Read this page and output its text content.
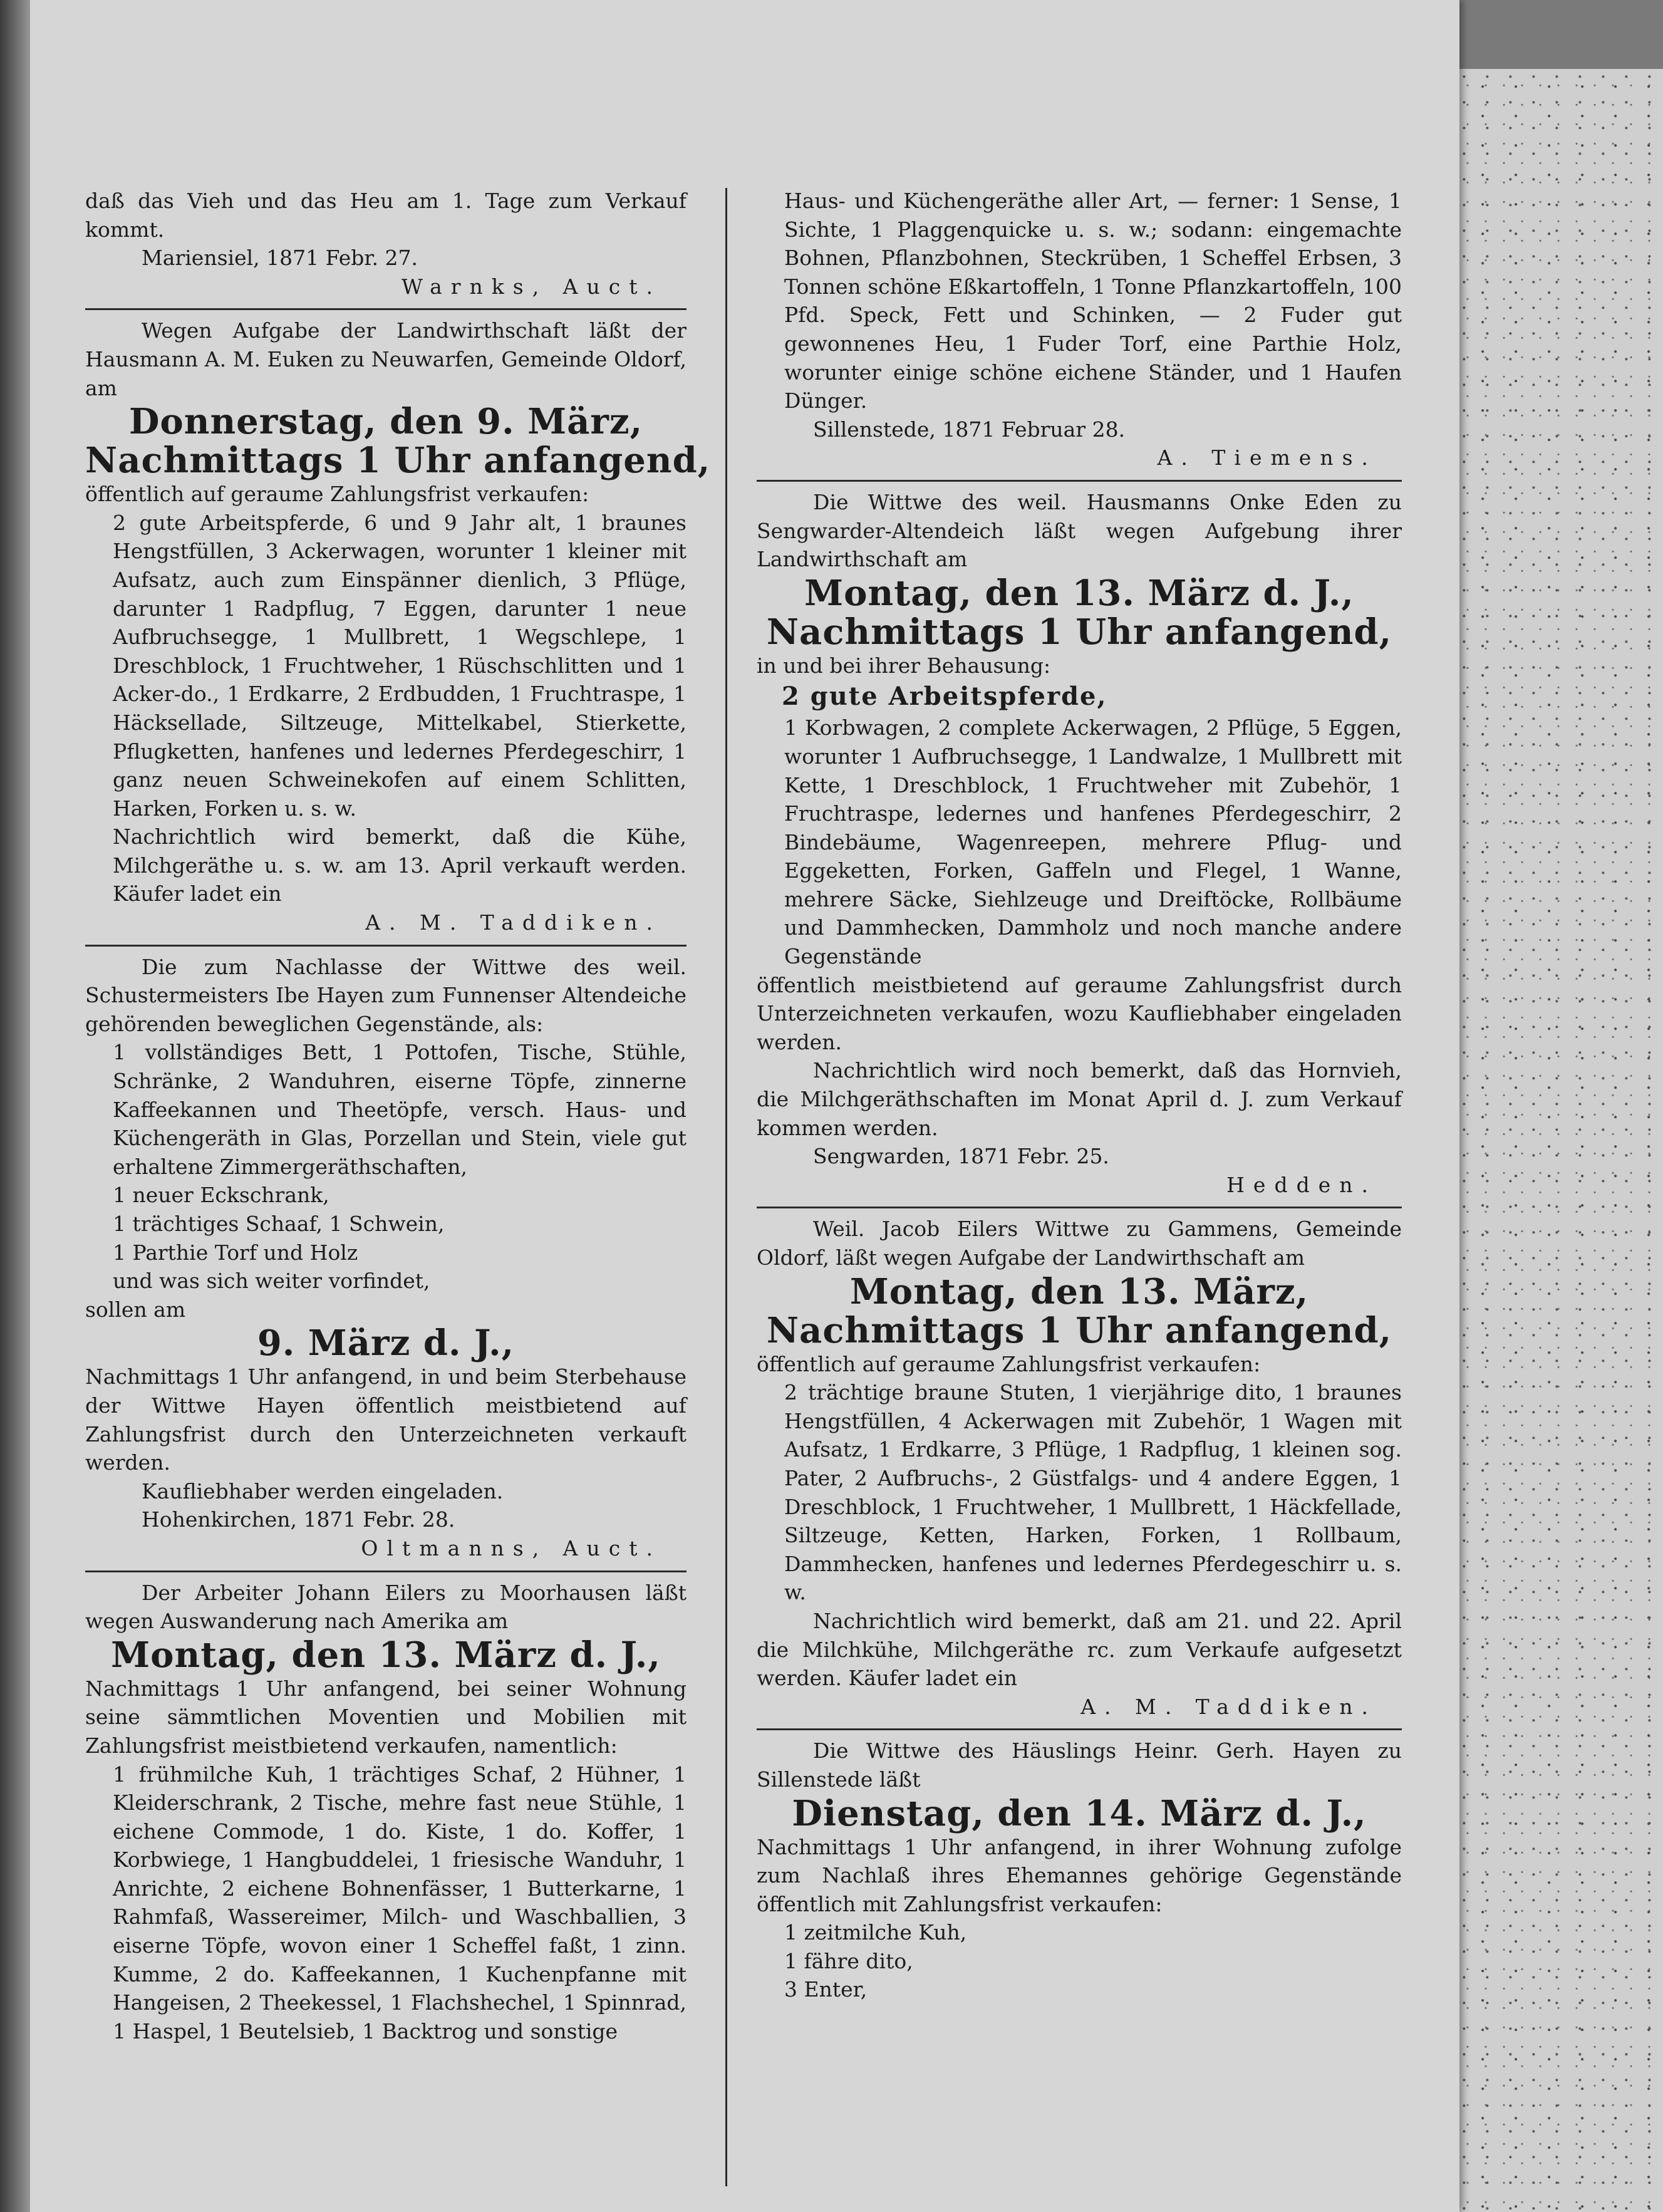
daß das Vieh und das Heu am 1. Tage zum Verkauf kommt.

Mariensiel, 1871 Febr. 27.

Warnks, Auct.

Wegen Aufgabe der Landwirthschaft läßt der Hausmann A. M. Euken zu Neuwarfen, Gemeinde Oldorf, am

Donnerstag, den 9. März,

Nachmittags 1 Uhr anfangend,

öffentlich auf geraume Zahlungsfrist verkaufen:

2 gute Arbeitspferde, 6 und 9 Jahr alt, 1 braunes Hengstfüllen, 3 Ackerwagen, worunter 1 kleiner mit Aufsatz, auch zum Einspänner dienlich, 3 Pflüge, darunter 1 Radpflug, 7 Eggen, darunter 1 neue Aufbruchsegge, 1 Mullbrett, 1 Wegschlepe, 1 Dreschblock, 1 Fruchtweher, 1 Rüschschlitten und 1 Acker-do., 1 Erdkarre, 2 Erdbudden, 1 Fruchtraspe, 1 Häcksellade, Siltzeuge, Mittelkabel, Stierkette, Pflugketten, hanfenes und ledernes Pferdegeschirr, 1 ganz neuen Schweinekofen auf einem Schlitten, Harken, Forken u. s. w.

Nachrichtlich wird bemerkt, daß die Kühe, Milchgeräthe u. s. w. am 13. April verkauft werden. Käufer ladet ein

A. M. Taddiken.

Die zum Nachlasse der Wittwe des weil. Schustermeisters Ibe Hayen zum Funnenser Altendeiche gehörenden beweglichen Gegenstände, als:

1 vollständiges Bett, 1 Pottofen, Tische, Stühle, Schränke, 2 Wanduhren, eiserne Töpfe, zinnerne Kaffeekannen und Theetöpfe, versch. Haus- und Küchengeräth in Glas, Porzellan und Stein, viele gut erhaltene Zimmergeräthschaften,

1 neuer Eckschrank,

1 trächtiges Schaaf, 1 Schwein,

1 Parthie Torf und Holz

und was sich weiter vorfindet,

sollen am

9. März d. J.,

Nachmittags 1 Uhr anfangend, in und beim Sterbehause der Wittwe Hayen öffentlich meistbietend auf Zahlungsfrist durch den Unterzeichneten verkauft werden.

Kaufliebhaber werden eingeladen.

Hohenkirchen, 1871 Febr. 28.

Oltmanns, Auct.

Der Arbeiter Johann Eilers zu Moorhausen läßt wegen Auswanderung nach Amerika am

Montag, den 13. März d. J.,

Nachmittags 1 Uhr anfangend, bei seiner Wohnung seine sämmtlichen Moventien und Mobilien mit Zahlungsfrist meistbietend verkaufen, namentlich:

1 frühmilche Kuh, 1 trächtiges Schaf, 2 Hühner, 1 Kleiderschrank, 2 Tische, mehre fast neue Stühle, 1 eichene Commode, 1 do. Kiste, 1 do. Koffer, 1 Korbwiege, 1 Hangbuddelei, 1 friesische Wanduhr, 1 Anrichte, 2 eichene Bohnenfässer, 1 Butterkarne, 1 Rahmfaß, Wassereimer, Milch- und Waschballien, 3 eiserne Töpfe, wovon einer 1 Scheffel faßt, 1 zinn. Kumme, 2 do. Kaffeekannen, 1 Kuchenpfanne mit Hangeisen, 2 Theekessel, 1 Flachshechel, 1 Spinnrad, 1 Haspel, 1 Beutelsieb, 1 Backtrog und sonstige

Haus- und Küchengeräthe aller Art, — ferner: 1 Sense, 1 Sichte, 1 Plaggenquicke u. s. w.; sodann: eingemachte Bohnen, Pflanzbohnen, Steckrüben, 1 Scheffel Erbsen, 3 Tonnen schöne Eßkartoffeln, 1 Tonne Pflanzkartoffeln, 100 Pfd. Speck, Fett und Schinken, — 2 Fuder gut gewonnenes Heu, 1 Fuder Torf, eine Parthie Holz, worunter einige schöne eichene Ständer, und 1 Haufen Dünger.

Sillenstede, 1871 Februar 28.

A. Tiemens.

Die Wittwe des weil. Hausmanns Onke Eden zu Sengwarder-Altendeich läßt wegen Aufgebung ihrer Landwirthschaft am

Montag, den 13. März d. J.,

Nachmittags 1 Uhr anfangend,

in und bei ihrer Behausung:

2 gute Arbeitspferde,

1 Korbwagen, 2 complete Ackerwagen, 2 Pflüge, 5 Eggen, worunter 1 Aufbruchsegge, 1 Landwalze, 1 Mullbrett mit Kette, 1 Dreschblock, 1 Fruchtweher mit Zubehör, 1 Fruchtraspe, ledernes und hanfenes Pferdegeschirr, 2 Bindebäume, Wagenreepen, mehrere Pflug- und Eggeketten, Forken, Gaffeln und Flegel, 1 Wanne, mehrere Säcke, Siehlzeuge und Dreiftöcke, Rollbäume und Dammhecken, Dammholz und noch manche andere Gegenstände

öffentlich meistbietend auf geraume Zahlungsfrist durch Unterzeichneten verkaufen, wozu Kaufliebhaber eingeladen werden.

Nachrichtlich wird noch bemerkt, daß das Hornvieh, die Milchgeräthschaften im Monat April d. J. zum Verkauf kommen werden.

Sengwarden, 1871 Febr. 25.

Hedden.

Weil. Jacob Eilers Wittwe zu Gammens, Gemeinde Oldorf, läßt wegen Aufgabe der Landwirthschaft am

Montag, den 13. März,

Nachmittags 1 Uhr anfangend,

öffentlich auf geraume Zahlungsfrist verkaufen:

2 trächtige braune Stuten, 1 vierjährige dito, 1 braunes Hengstfüllen, 4 Ackerwagen mit Zubehör, 1 Wagen mit Aufsatz, 1 Erdkarre, 3 Pflüge, 1 Radpflug, 1 kleinen sog. Pater, 2 Aufbruchs-, 2 Güstfalgs- und 4 andere Eggen, 1 Dreschblock, 1 Fruchtweher, 1 Mullbrett, 1 Häckfellade, Siltzeuge, Ketten, Harken, Forken, 1 Rollbaum, Dammhecken, hanfenes und ledernes Pferdegeschirr u. s. w.

Nachrichtlich wird bemerkt, daß am 21. und 22. April die Milchkühe, Milchgeräthe rc. zum Verkaufe aufgesetzt werden. Käufer ladet ein

A. M. Taddiken.

Die Wittwe des Häuslings Heinr. Gerh. Hayen zu Sillenstede läßt

Dienstag, den 14. März d. J.,

Nachmittags 1 Uhr anfangend, in ihrer Wohnung zufolge zum Nachlaß ihres Ehemannes gehörige Gegenstände öffentlich mit Zahlungsfrist verkaufen:

1 zeitmilche Kuh,

1 fähre dito,

3 Enter,
